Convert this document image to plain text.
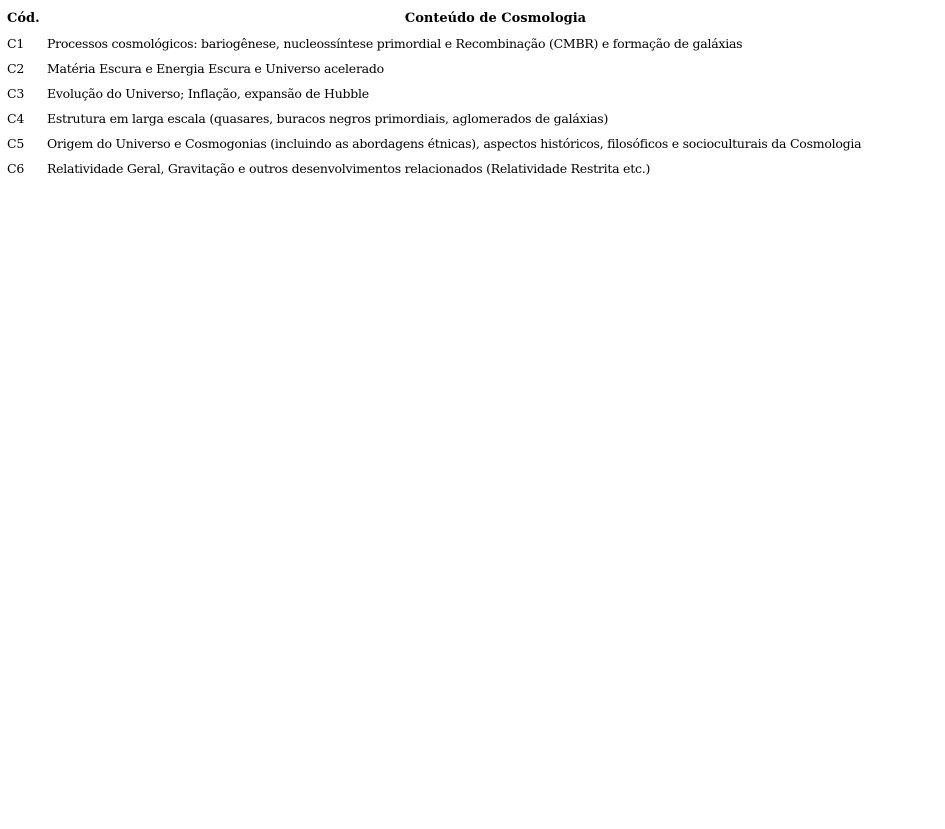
Cód.	Conteúdo de Cosmologia
C1	Processos cosmológicos: bariogênese, nucleossíntese primordial e Recombinação (CMBR) e formação de galáxias
C2	Matéria Escura e Energia Escura e Universo acelerado
C3	Evolução do Universo; Inflação, expansão de Hubble
C4	Estrutura em larga escala (quasares, buracos negros primordiais, aglomerados de galáxias)
C5	Origem do Universo e Cosmogonias (incluindo as abordagens étnicas), aspectos históricos, filosóficos e socioculturais da Cosmologia
C6	Relatividade Geral, Gravitação e outros desenvolvimentos relacionados (Relatividade Restrita etc.)
